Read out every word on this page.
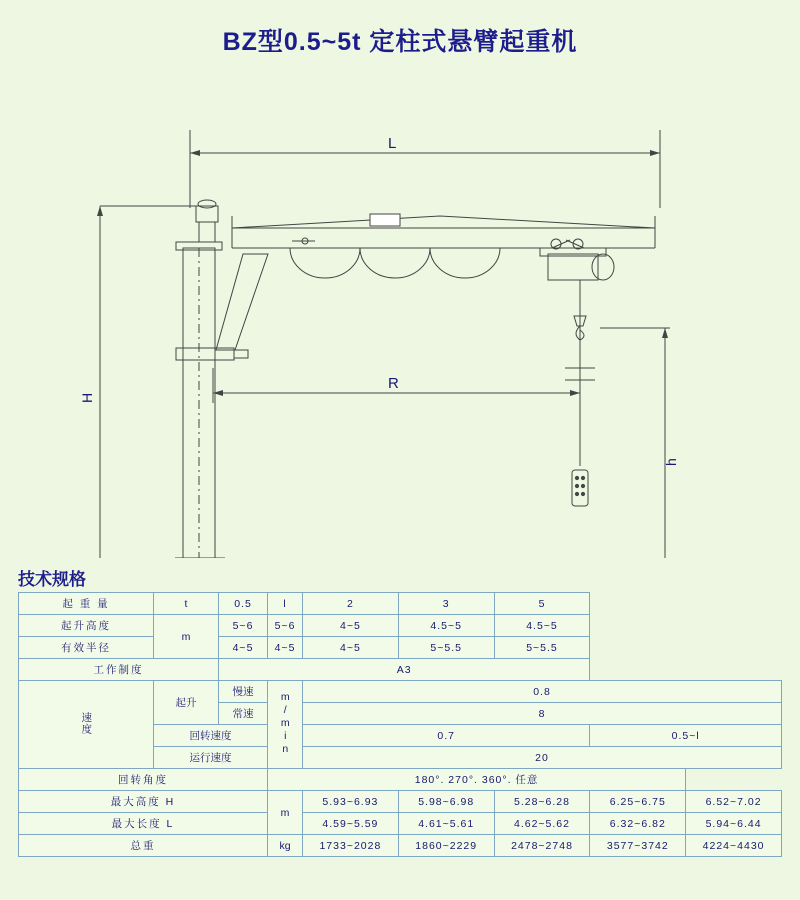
BZ型0.5~5t 定柱式悬臂起重机
L
R
H
h
技术规格
起 重 量	t	0.5	l	2	3	5		
起升高度	m	5~6	5~6	4~5	4.5~5	4.5~5		
有效半径		4~5	4~5	4~5	5~5.5	5~5.5		
工作制度		A3						
速度	起升	慢速	m/min	0.8				
		常速		8				
	回转速度			0.7			0.5~l	
	运行速度			20				
回转角度			180°. 270°. 360°. 任意					
最大高度 H			m	5.93~6.93	5.98~6.98	5.28~6.28	6.25~6.75	6.52~7.02
最大长度 L				4.59~5.59	4.61~5.61	4.62~5.62	6.32~6.82	5.94~6.44
总重			kg	1733~2028	1860~2229	2478~2748	3577~3742	4224~4430
